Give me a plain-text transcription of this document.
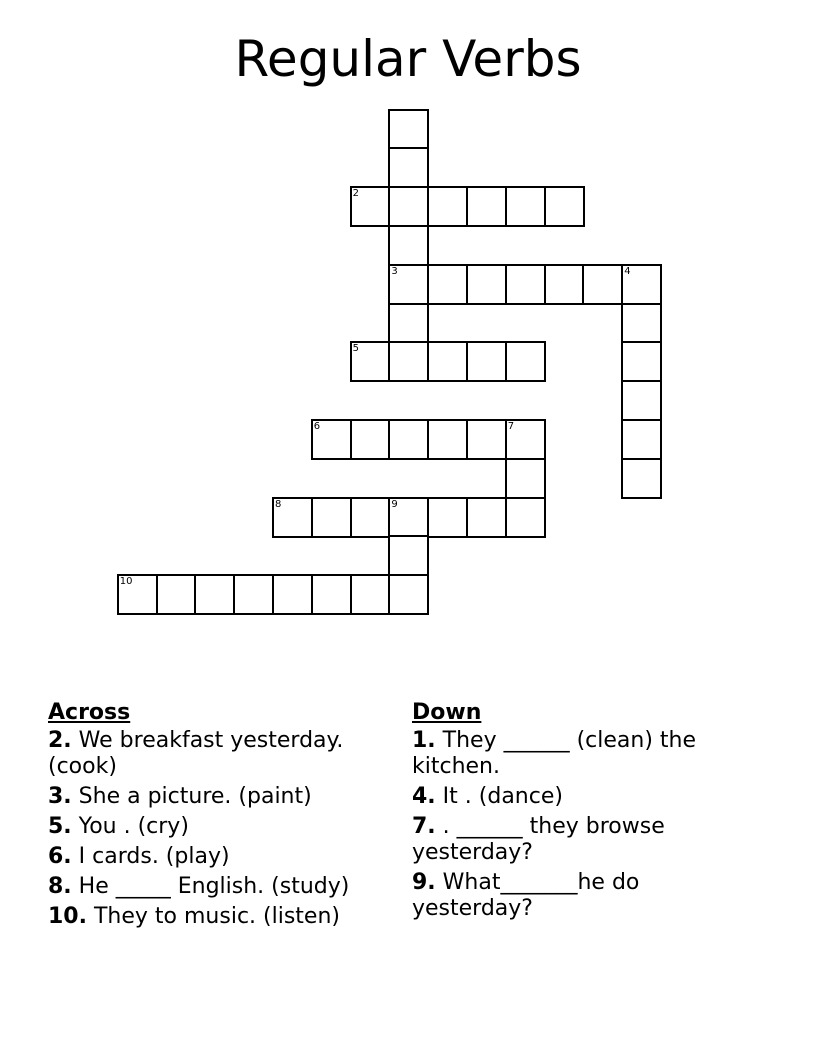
Regular Verbs
2
3	4
5
6	7
8	9
10
Across
2. We breakfast yesterday.(cook)
3. She a picture. (paint)
5. You . (cry)
6. I cards. (play)
8. He _____ English. (study)
10. They to music. (listen)
Down
1. They ______ (clean) the kitchen.
4. It . (dance)
7. . ______ they browse yesterday?
9. What_______he do yesterday?
